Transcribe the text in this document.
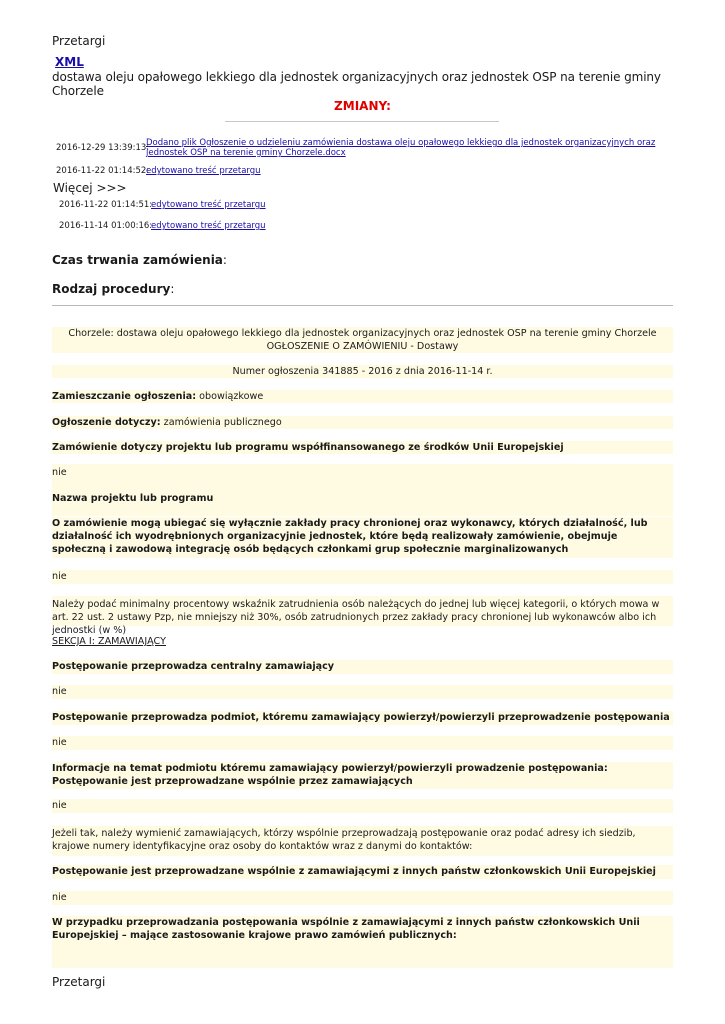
Przetargi
XML
dostawa oleju opałowego lekkiego dla jednostek organizacyjnych oraz jednostek OSP na terenie gminy Chorzele
ZMIANY:
2016-12-29 13:39:13:
Dodano plik Ogłoszenie o udzieleniu zamówienia dostawa oleju opałowego lekkiego dla jednostek organizacyjnych oraz jednostek OSP na terenie gminy Chorzele.docx
2016-11-22 01:14:52:
edytowano treść przetargu
Więcej >>>
2016-11-22 01:14:51:
edytowano treść przetargu
2016-11-14 01:00:16:
edytowano treść przetargu
Czas trwania zamówienia:
Rodzaj procedury:
Chorzele: dostawa oleju opałowego lekkiego dla jednostek organizacyjnych oraz jednostek OSP na terenie gminy Chorzele
OGŁOSZENIE O ZAMÓWIENIU - Dostawy
Numer ogłoszenia 341885 - 2016 z dnia 2016-11-14 r.
Zamieszczanie ogłoszenia: obowiązkowe
Ogłoszenie dotyczy: zamówienia publicznego
Zamówienie dotyczy projektu lub programu współfinansowanego ze środków Unii Europejskiej
nie
Nazwa projektu lub programu
O zamówienie mogą ubiegać się wyłącznie zakłady pracy chronionej oraz wykonawcy, których działalność, lub działalność ich wyodrębnionych organizacyjnie jednostek, które będą realizowały zamówienie, obejmuje społeczną i zawodową integrację osób będących członkami grup społecznie marginalizowanych
nie
Należy podać minimalny procentowy wskaźnik zatrudnienia osób należących do jednej lub więcej kategorii, o których mowa w art. 22 ust. 2 ustawy Pzp, nie mniejszy niż 30%, osób zatrudnionych przez zakłady pracy chronionej lub wykonawców albo ich jednostki (w %)
SEKCJA I: ZAMAWIAJĄCY
Postępowanie przeprowadza centralny zamawiający
nie
Postępowanie przeprowadza podmiot, któremu zamawiający powierzył/powierzyli przeprowadzenie postępowania
nie
Informacje na temat podmiotu któremu zamawiający powierzył/powierzyli prowadzenie postępowania:
Postępowanie jest przeprowadzane wspólnie przez zamawiających
nie
Jeżeli tak, należy wymienić zamawiających, którzy wspólnie przeprowadzają postępowanie oraz podać adresy ich siedzib, krajowe numery identyfikacyjne oraz osoby do kontaktów wraz z danymi do kontaktów:
Postępowanie jest przeprowadzane wspólnie z zamawiającymi z innych państw członkowskich Unii Europejskiej
nie
W przypadku przeprowadzania postępowania wspólnie z zamawiającymi z innych państw członkowskich Unii Europejskiej – mające zastosowanie krajowe prawo zamówień publicznych:
Przetargi
